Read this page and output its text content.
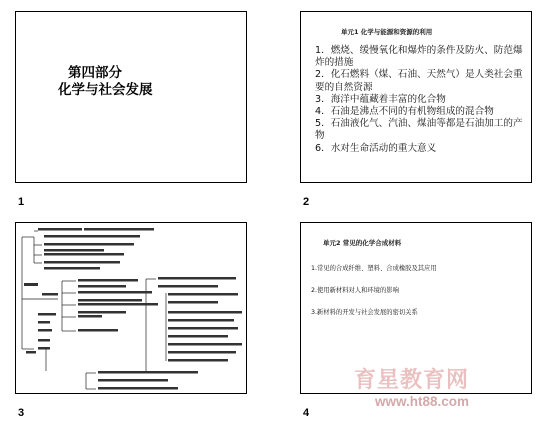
第四部分
化学与社会发展
1
单元1 化学与能源和资源的利用
1．燃烧、缓慢氧化和爆炸的条件及防火、防范爆炸的措施
2．化石燃料（煤、石油、天然气）是人类社会重要的自然资源
3．海洋中蕴藏着丰富的化合物
4．石油是沸点不同的有机物组成的混合物
5．石油液化气、汽油、煤油等都是石油加工的产物
6．水对生命活动的重大意义
2
3
单元2 常见的化学合成材料
1.常见的合成纤维、塑料、合成橡胶及其应用
2.使用新材料对人和环境的影响
3.新材料的开发与社会发展的密切关系
4
育星教育网
www.ht88.com
